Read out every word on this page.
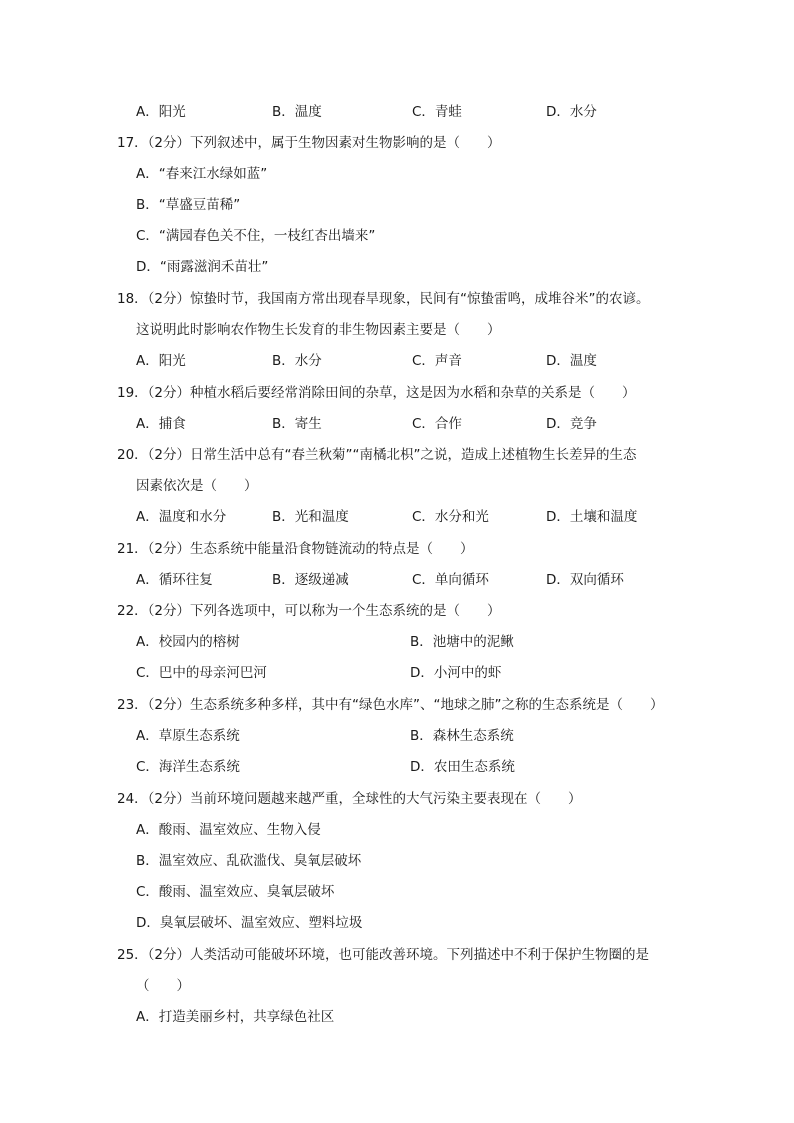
A．阳光	B．温度	C．青蛙	D．水分
17．（2分）下列叙述中，属于生物因素对生物影响的是（　　）
A．“春来江水绿如蓝”
B．“草盛豆苗稀”
C．“满园春色关不住，一枝红杏出墙来”
D．“雨露滋润禾苗壮”
18．（2分）惊蛰时节，我国南方常出现春旱现象，民间有“惊蛰雷鸣，成堆谷米”的农谚。
这说明此时影响农作物生长发育的非生物因素主要是（　　）
A．阳光	B．水分	C．声音	D．温度
19．（2分）种植水稻后要经常消除田间的杂草，这是因为水稻和杂草的关系是（　　）
A．捕食	B．寄生	C．合作	D．竞争
20．（2分）日常生活中总有“春兰秋菊”“南橘北枳”之说，造成上述植物生长差异的生态
因素依次是（　　）
A．温度和水分	B．光和温度	C．水分和光	D．土壤和温度
21．（2分）生态系统中能量沿食物链流动的特点是（　　）
A．循环往复	B．逐级递减	C．单向循环	D．双向循环
22．（2分）下列各选项中，可以称为一个生态系统的是（　　）
A．校园内的榕树	B．池塘中的泥鳅
C．巴中的母亲河巴河	D．小河中的虾
23．（2分）生态系统多种多样，其中有“绿色水库”、“地球之肺”之称的生态系统是（　　）
A．草原生态系统	B．森林生态系统
C．海洋生态系统	D．农田生态系统
24．（2分）当前环境问题越来越严重，全球性的大气污染主要表现在（　　）
A．酸雨、温室效应、生物入侵
B．温室效应、乱砍滥伐、臭氧层破坏
C．酸雨、温室效应、臭氧层破坏
D．臭氧层破坏、温室效应、塑料垃圾
25．（2分）人类活动可能破坏环境，也可能改善环境。下列描述中不利于保护生物圈的是
（　　）
A．打造美丽乡村，共享绿色社区
